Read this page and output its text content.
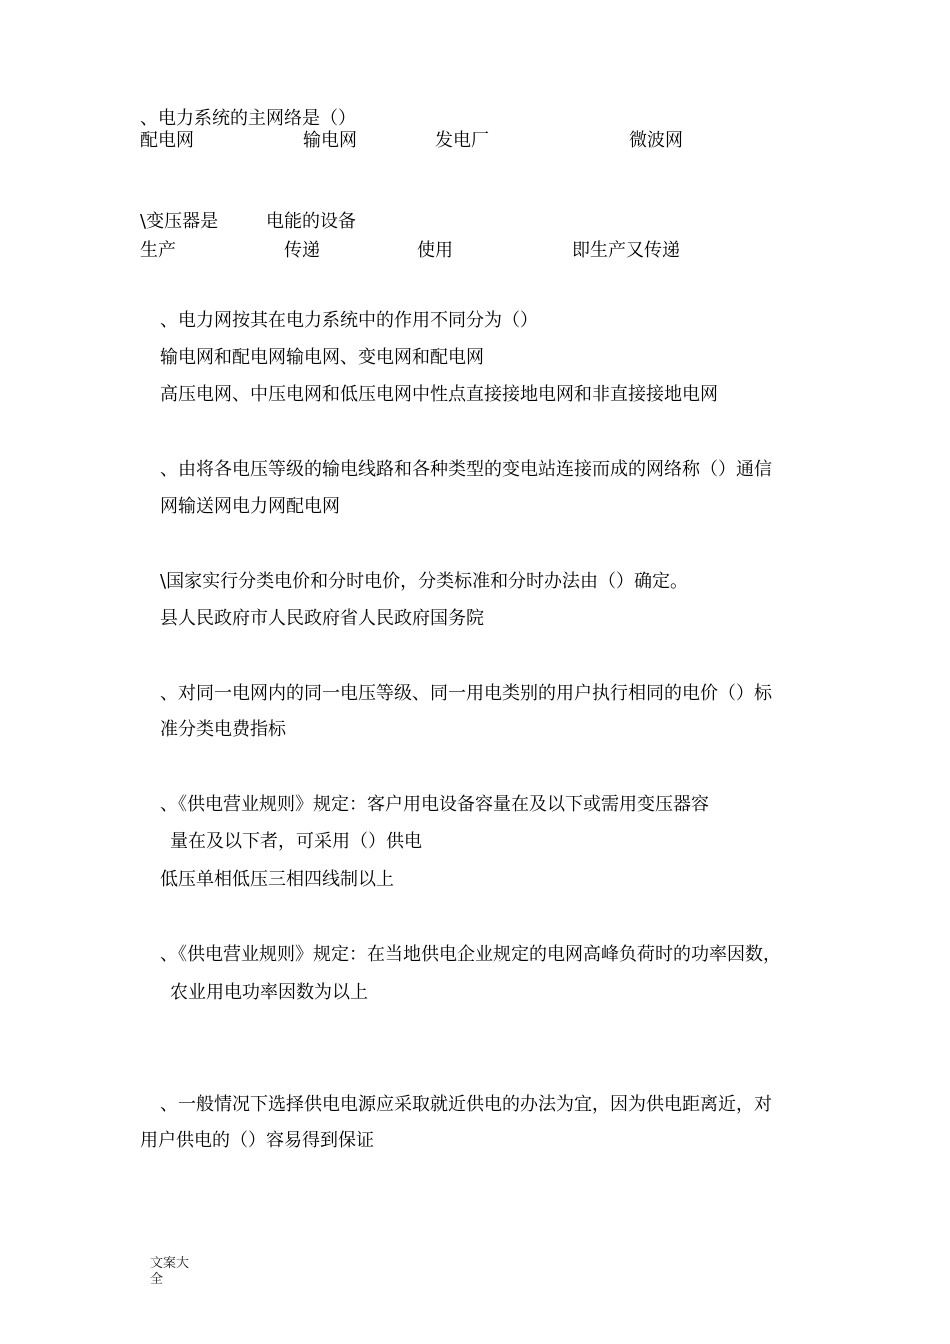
、电力系统的主网络是（）
配电网	输电网	发电厂	微波网
\变压器是	电能的设备
生产	传递	使用	即生产又传递
、电力网按其在电力系统中的作用不同分为（）
输电网和配电网输电网、变电网和配电网
高压电网、中压电网和低压电网中性点直接接地电网和非直接接地电网
、由将各电压等级的输电线路和各种类型的变电站连接而成的网络称（）通信
网输送网电力网配电网
\国家实行分类电价和分时电价，分类标准和分时办法由（）确定。
县人民政府市人民政府省人民政府国务院
、对同一电网内的同一电压等级、同一用电类别的用户执行相同的电价（）标
准分类电费指标
、《供电营业规则》规定：客户用电设备容量在及以下或需用变压器容
量在及以下者，可采用（）供电
低压单相低压三相四线制以上
、《供电营业规则》规定：在当地供电企业规定的电网高峰负荷时的功率因数，
农业用电功率因数为以上
、一般情况下选择供电电源应采取就近供电的办法为宜，因为供电距离近，对
用户供电的（）容易得到保证
文案大
全
